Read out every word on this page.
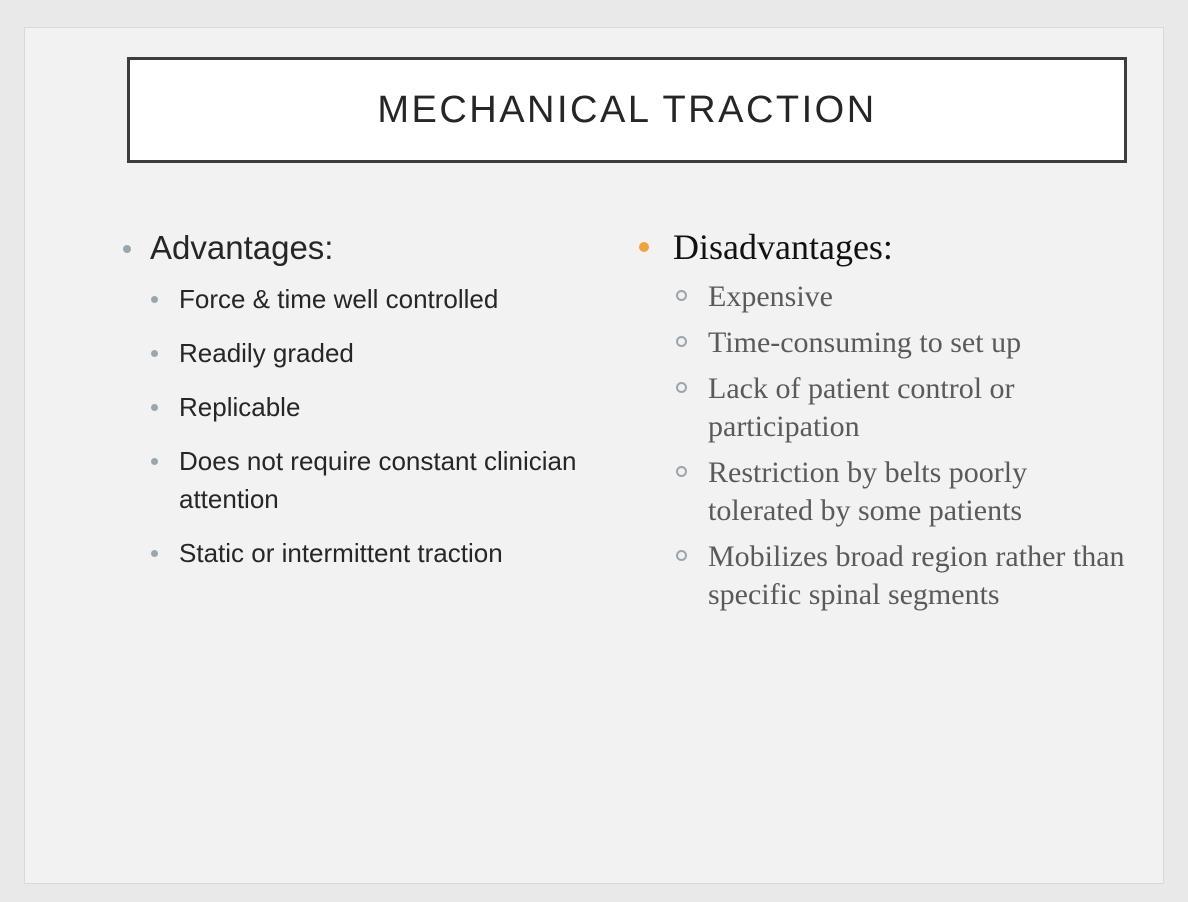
MECHANICAL TRACTION
Advantages:
Force & time well controlled
Readily graded
Replicable
Does not require constant clinician attention
Static or intermittent traction
Disadvantages:
Expensive
Time-consuming to set up
Lack of patient control or participation
Restriction by belts poorly tolerated by some patients
Mobilizes broad region rather than specific spinal segments
